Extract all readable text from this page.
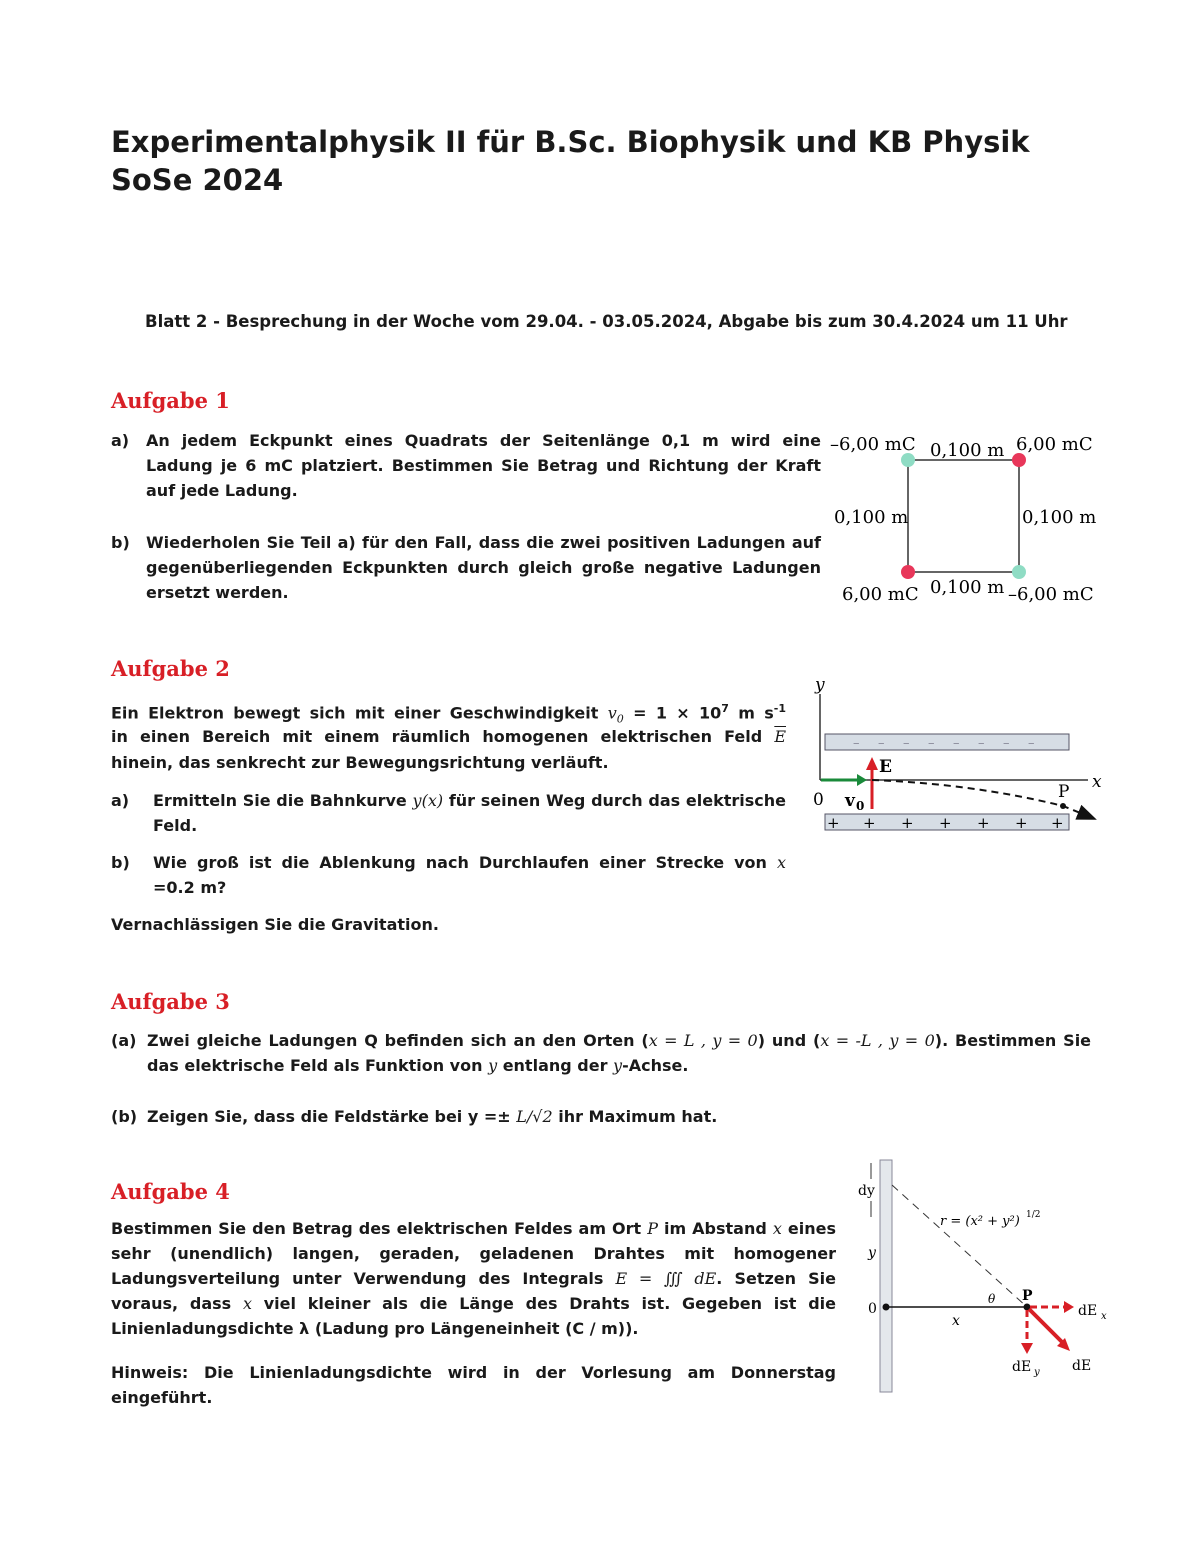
Experimentalphysik II für B.Sc. Biophysik und KB Physik
SoSe 2024
Blatt 2 - Besprechung in der Woche vom 29.04. - 03.05.2024, Abgabe bis zum 30.4.2024 um 11 Uhr
Aufgabe 1
a) An jedem Eckpunkt eines Quadrats der Seitenlänge 0,1 m wird eine Ladung je 6 mC platziert. Bestimmen Sie Betrag und Richtung der Kraft auf jede Ladung.
b) Wiederholen Sie Teil a) für den Fall, dass die zwei positiven Ladungen auf gegenüberliegenden Eckpunkten durch gleich große negative Ladungen ersetzt werden.
–6,00 mC 0,100 m 6,00 mC
0,100 m	0,100 m
6,00 mC 0,100 m –6,00 mC
Aufgabe 2
Ein Elektron bewegt sich mit einer Geschwindigkeit $v_0 = 1 \times 10^7$ m $s^{-1}$
in einen Bereich mit einem räumlich homogenen elektrischen Feld $\overline{E}$
hinein, das senkrecht zur Bewegungsrichtung verläuft.
a) Ermitteln Sie die Bahnkurve y(x) für seinen Weg durch das elektrische Feld.
b) Wie groß ist die Ablenkung nach Durchlaufen einer Strecke von x =0.2 m?
Vernachlässigen Sie die Gravitation.
y
x
0
– – – – – – – –
+ + + + + + +
E
v 0
P
Aufgabe 3
(a) Zwei gleiche Ladungen Q befinden sich an den Orten (x = L , y = 0) und (x = -L , y = 0). Bestimmen Sie das elektrische Feld als Funktion von y entlang der y-Achse.
(b) Zeigen Sie, dass die Feldstärke bei y =± L/√2 ihr Maximum hat.
Aufgabe 4
Bestimmen Sie den Betrag des elektrischen Feldes am Ort P im Abstand x eines sehr (unendlich) langen, geraden, geladenen Drahtes mit homogener Ladungsverteilung unter Verwendung des Integrals E = ∭ dE. Setzen Sie voraus, dass x viel kleiner als die Länge des Drahts ist. Gegeben ist die Linienladungsdichte λ (Ladung pro Längeneinheit (C / m)).
Hinweis: Die Linienladungsdichte wird in der Vorlesung am Donnerstag eingeführt.
dy
y
0
r = (x² + y²) 1/2
x
θ P
dE x
dE y dE
